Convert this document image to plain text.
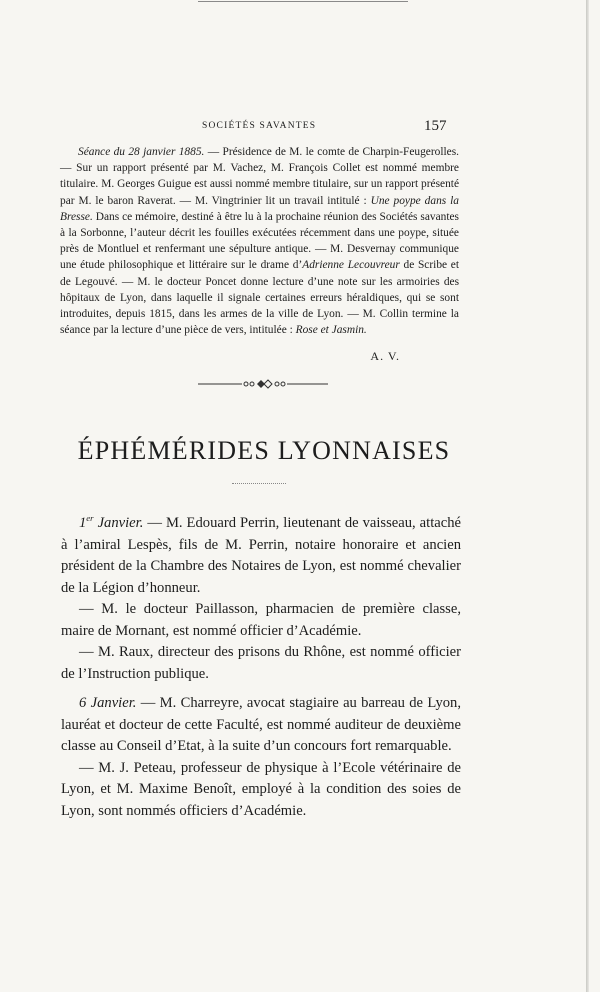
SOCIÉTÉS SAVANTES	157

Séance du 28 janvier 1885. — Présidence de M. le comte de Charpin-Feugerolles. — Sur un rapport présenté par M. Vachez, M. François Collet est nommé membre titulaire. M. Georges Guigue est aussi nommé membre titulaire, sur un rapport présenté par M. le baron Raverat. — M. Vingtrinier lit un travail intitulé : Une poype dans la Bresse. Dans ce mémoire, destiné à être lu à la prochaine réunion des Sociétés savantes à la Sorbonne, l’auteur décrit les fouilles exécutées récemment dans une poype, située près de Montluel et renfermant une sépulture antique. — M. Desvernay communique une étude philosophique et littéraire sur le drame d’Adrienne Lecouvreur de Scribe et de Legouvé. — M. le docteur Poncet donne lecture d’une note sur les armoiries des hôpitaux de Lyon, dans laquelle il signale certaines erreurs héraldiques, qui se sont introduites, depuis 1815, dans les armes de la ville de Lyon. — M. Collin termine la séance par la lecture d’une pièce de vers, intitulée : Rose et Jasmin.

A. V.
ÉPHÉMÉRIDES LYONNAISES

1er Janvier. — M. Edouard Perrin, lieutenant de vaisseau, attaché à l’amiral Lespès, fils de M. Perrin, notaire honoraire et ancien président de la Chambre des Notaires de Lyon, est nommé chevalier de la Légion d’honneur.

— M. le docteur Paillasson, pharmacien de première classe, maire de Mornant, est nommé officier d’Académie.

— M. Raux, directeur des prisons du Rhône, est nommé officier de l’Instruction publique.

6 Janvier. — M. Charreyre, avocat stagiaire au barreau de Lyon, lauréat et docteur de cette Faculté, est nommé auditeur de deuxième classe au Conseil d’Etat, à la suite d’un concours fort remarquable.

— M. J. Peteau, professeur de physique à l’Ecole vétérinaire de Lyon, et M. Maxime Benoît, employé à la condition des soies de Lyon, sont nommés officiers d’Académie.
